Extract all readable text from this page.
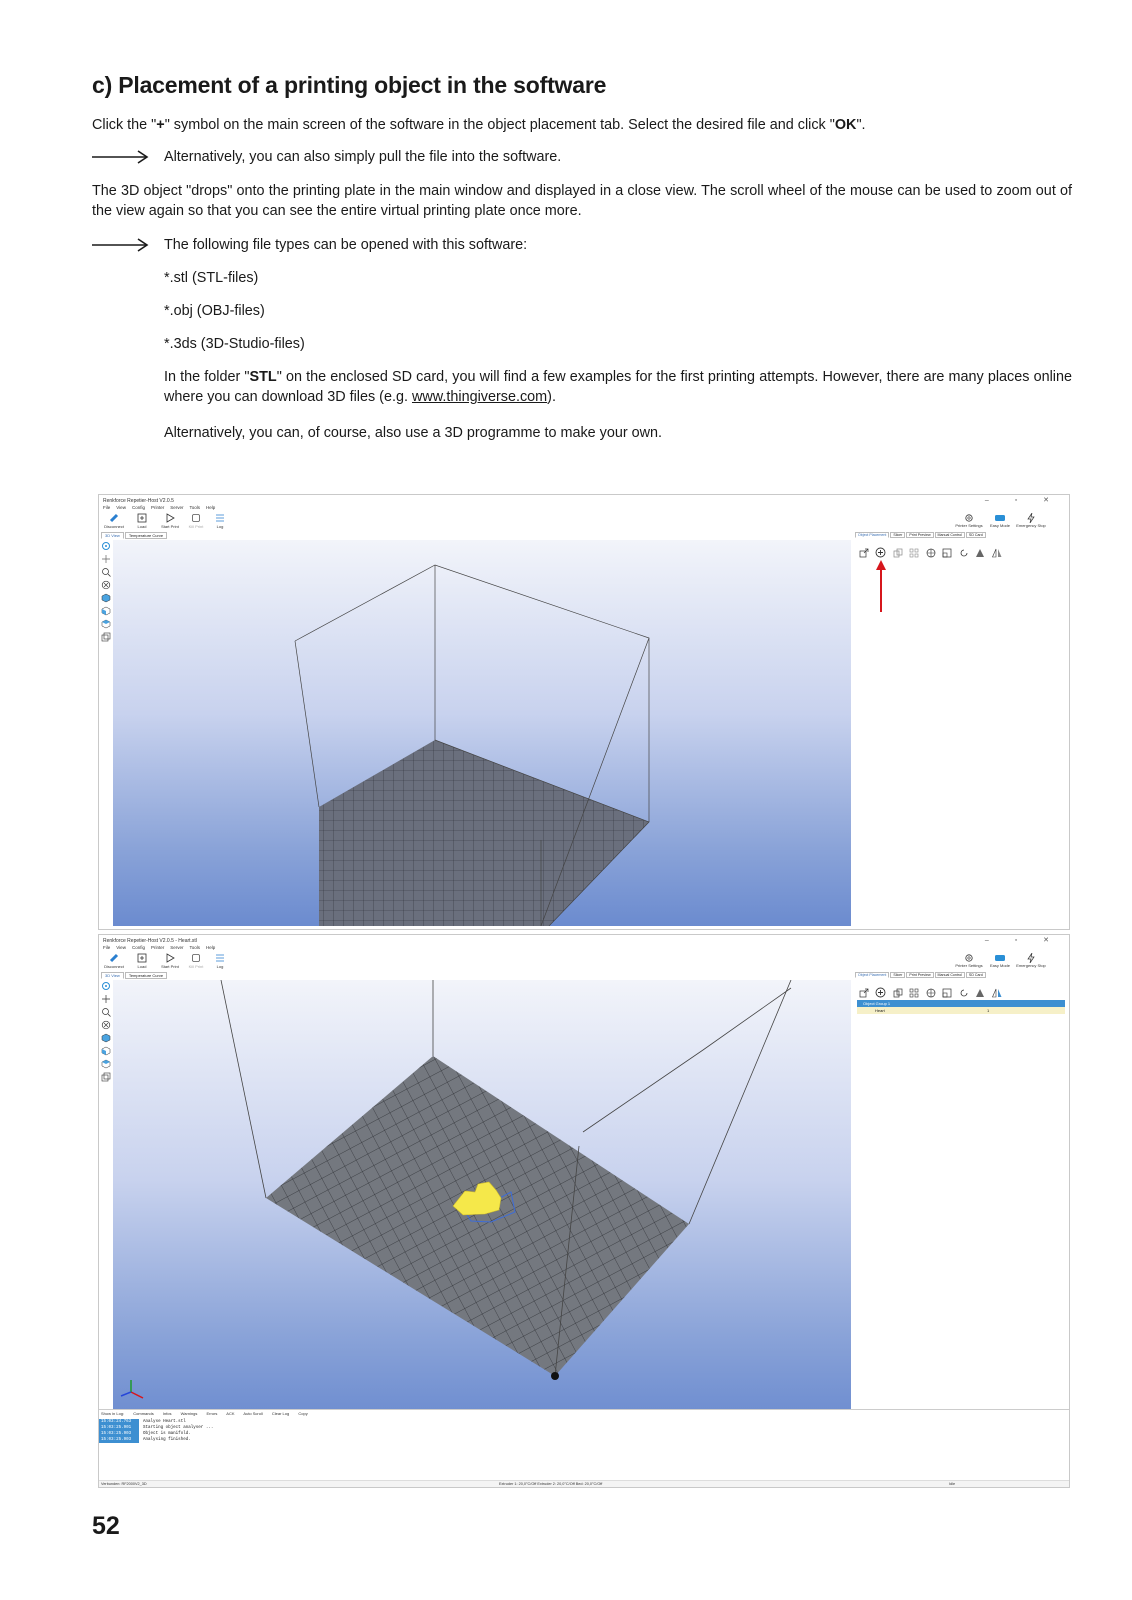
c) Placement of a printing object in the software

Click the "+" symbol on the main screen of the software in the object placement tab. Select the desired file and click "OK".

Alternatively, you can also simply pull the file into the software.

The 3D object "drops" onto the printing plate in the main window and displayed in a close view. The scroll wheel of the mouse can be used to zoom out of the view again so that you can see the entire virtual printing plate once more.

The following file types can be opened with this software:

*.stl (STL-files)

*.obj (OBJ-files)

*.3ds (3D-Studio-files)

In the folder "STL" on the enclosed SD card, you will find a few examples for the first printing attempts. However, there are many places online where you can download 3D files (e.g. www.thingiverse.com).

Alternatively, you can, of course, also use a 3D programme to make your own.

Renkforce Repetier-Host V2.0.5	– ▫ ✕
File View Config Printer Server Tools Help
Disconnect	Load	Start Print	Kill Print	Log	Printer Settings	Easy Mode	Emergency Stop
3D View Temperature Curve	Object Placement Slicer Print Preview Manual Control SD Card

Renkforce Repetier-Host V2.0.5 - Heart.stl	– ▫ ✕
File View Config Printer Server Tools Help
Disconnect	Load	Start Print	Kill Print	Log	Printer Settings	Easy Mode	Emergency Stop
3D View Temperature Curve	Object Placement Slicer Print Preview Manual Control SD Card

Object Group 1
Heart	1
Show in Log: Commands Infos Warnings Errors ACK Auto Scroll Clear Log Copy
15:03:24.763	Analyse Heart.stl
15:03:25.901	Starting object analyser ...
15:03:25.903	Object is manifold.
15:03:25.903	Analysing finished.
Verbunden: RF2000V2_3D	Extruder 1: 20,0°C/Off Extruder 2: 20,0°C/Off Bed: 20,0°C/Off	Idle
52
